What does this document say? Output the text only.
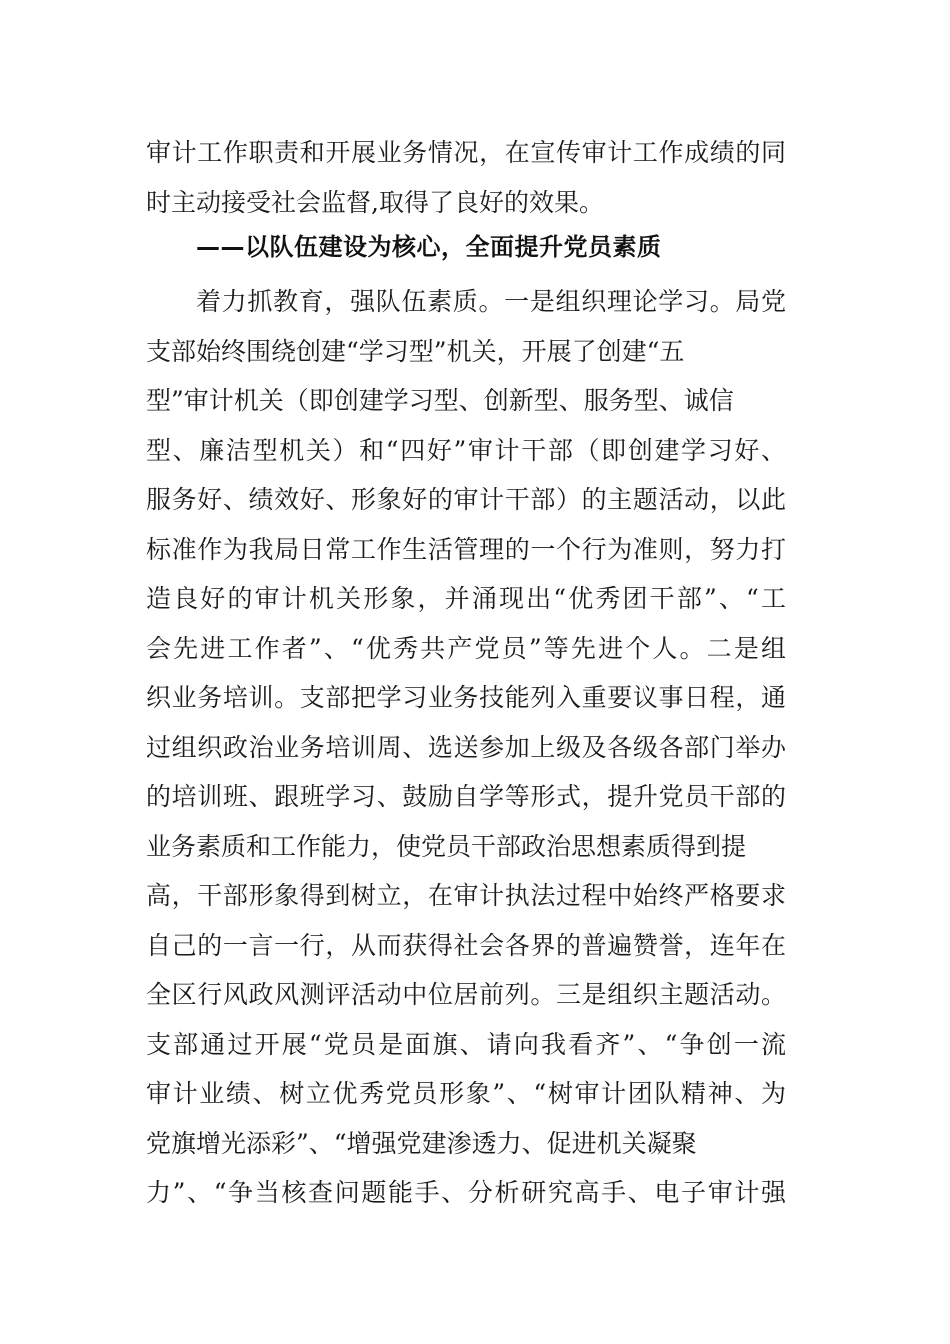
审计工作职责和开展业务情况，在宣传审计工作成绩的同
时主动接受社会监督,取得了良好的效果。
——以队伍建设为核心，全面提升党员素质
着力抓教育，强队伍素质。一是组织理论学习。局党
支部始终围绕创建“学习型”机关，开展了创建“五
型”审计机关（即创建学习型、创新型、服务型、诚信
型、廉洁型机关）和“四好”审计干部（即创建学习好、
服务好、绩效好、形象好的审计干部）的主题活动，以此
标准作为我局日常工作生活管理的一个行为准则，努力打
造良好的审计机关形象，并涌现出“优秀团干部”、“工
会先进工作者”、“优秀共产党员”等先进个人。二是组
织业务培训。支部把学习业务技能列入重要议事日程，通
过组织政治业务培训周、选送参加上级及各级各部门举办
的培训班、跟班学习、鼓励自学等形式，提升党员干部的
业务素质和工作能力，使党员干部政治思想素质得到提
高，干部形象得到树立，在审计执法过程中始终严格要求
自己的一言一行，从而获得社会各界的普遍赞誉，连年在
全区行风政风测评活动中位居前列。三是组织主题活动。
支部通过开展“党员是面旗、请向我看齐”、“争创一流
审计业绩、树立优秀党员形象”、“树审计团队精神、为
党旗增光添彩”、“增强党建渗透力、促进机关凝聚
力”、“争当核查问题能手、分析研究高手、电子审计强
